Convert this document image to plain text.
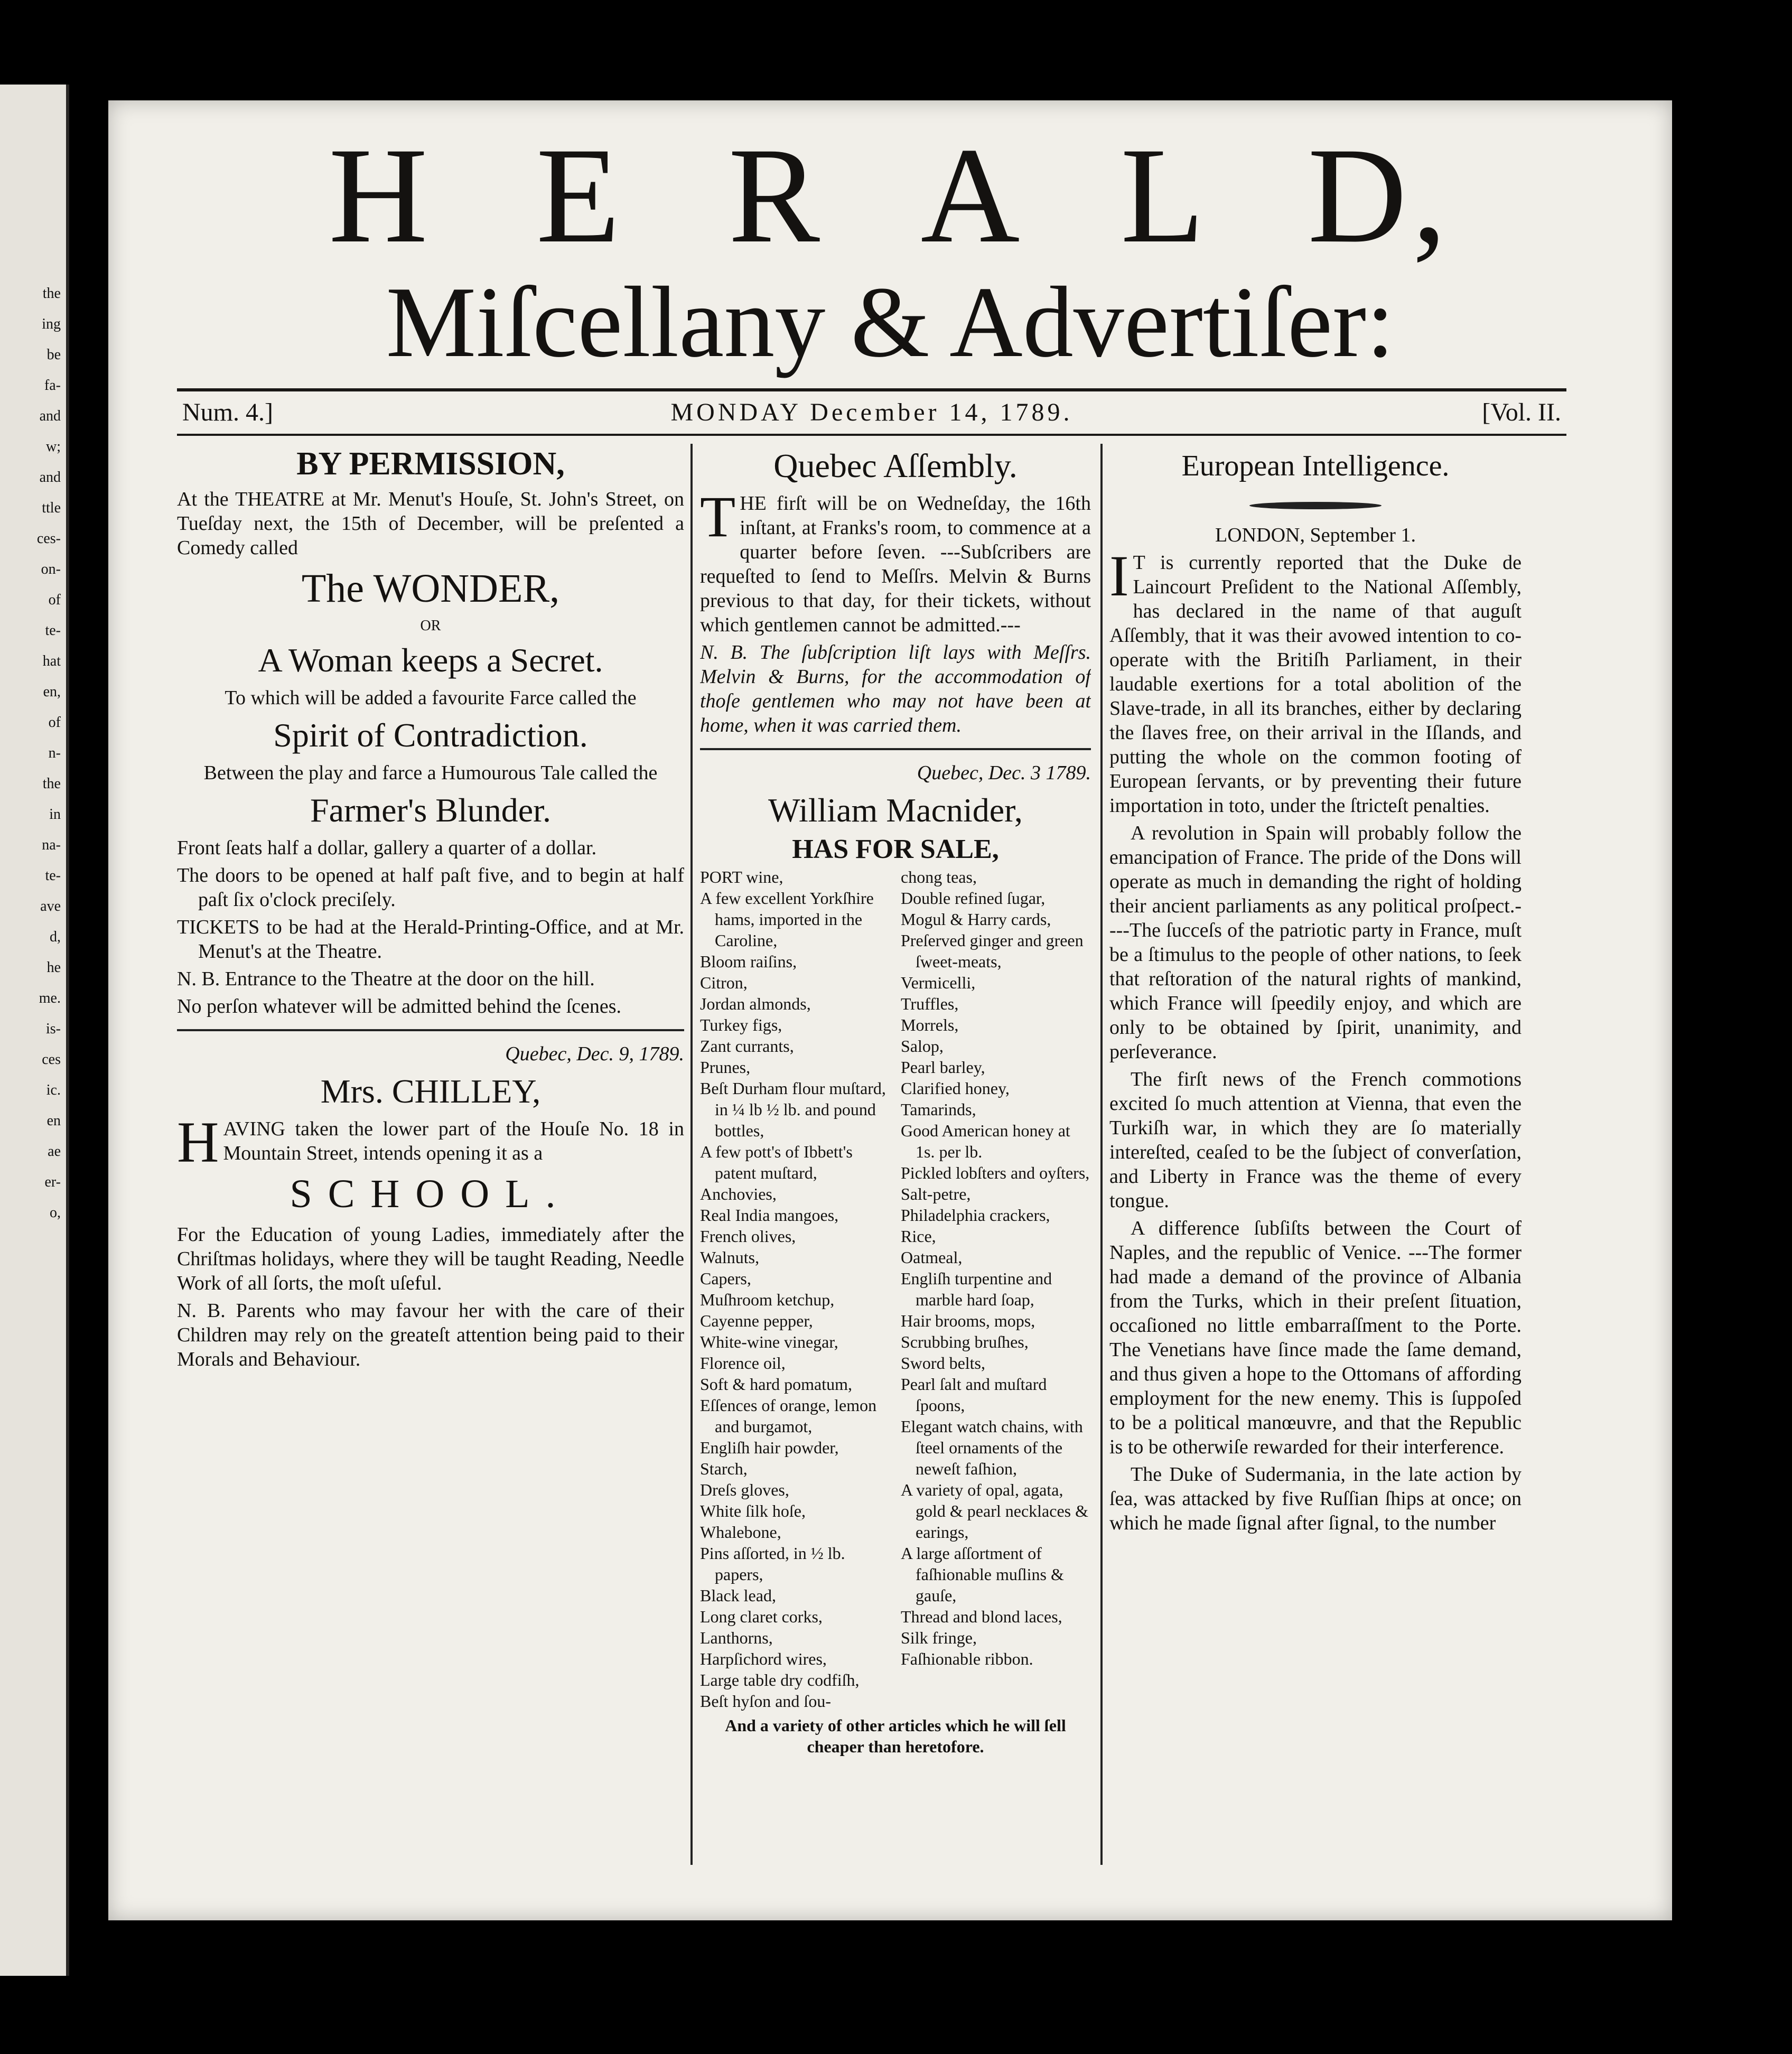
the
ing
be
fa-
and
w;
and
ttle
ces-
on-
of
te-
hat
en,
of
n-
the
in
na-
te-
ave
d,
he
me.
is-
ces
ic.
en
ae
er-
o,
H E R A L D,
Miſcellany & Advertiſer:
Num. 4.]	MONDAY December 14, 1789.	[Vol. II.
BY PERMISSION,

At the THEATRE at Mr. Menut's Houſe, St. John's Street, on Tueſday next, the 15th of December, will be preſented a Comedy called

The WONDER,
OR
A Woman keeps a Secret.

To which will be added a favourite Farce called the

Spirit of Contradiction.

Between the play and farce a Humourous Tale called the

Farmer's Blunder.

Front ſeats half a dollar, gallery a quarter of a dollar.

The doors to be opened at half paſt five, and to begin at half paſt ſix o'clock preciſely.

TICKETS to be had at the Herald-Printing-Office, and at Mr. Menut's at the Theatre.

N. B. Entrance to the Theatre at the door on the hill.

No perſon whatever will be admitted behind the ſcenes.

Quebec, Dec. 9, 1789.

Mrs. CHILLEY,

HAVING taken the lower part of the Houſe No. 18 in Mountain Street, intends opening it as a

SCHOOL.

For the Education of young Ladies, immediately after the Chriſtmas holidays, where they will be taught Reading, Needle Work of all ſorts, the moſt uſeful.

N. B. Parents who may favour her with the care of their Children may rely on the greateſt attention being paid to their Morals and Behaviour.

Quebec Aſſembly.

THE firſt will be on Wedneſday, the 16th inſtant, at Franks's room, to commence at a quarter before ſeven. ---Subſcribers are requeſted to ſend to Meſſrs. Melvin & Burns previous to that day, for their tickets, without which gentlemen cannot be admitted.---

N. B. The ſubſcription liſt lays with Meſſrs. Melvin & Burns, for the accommodation of thoſe gentlemen who may not have been at home, when it was carried them.

Quebec, Dec. 3 1789.

William Macnider,
HAS FOR SALE,
PORT wine,
A few excellent Yorkſhire hams, imported in the Caroline,
Bloom raiſins,
Citron,
Jordan almonds,
Turkey figs,
Zant currants,
Prunes,
Beſt Durham flour muſtard, in ¼ lb ½ lb. and pound bottles,
A few pott's of Ibbett's patent muſtard,
Anchovies,
Real India mangoes,
French olives,
Walnuts,
Capers,
Muſhroom ketchup,
Cayenne pepper,
White-wine vinegar,
Florence oil,
Soft & hard pomatum,
Eſſences of orange, lemon and burgamot,
Engliſh hair powder,
Starch,
Dreſs gloves,
White ſilk hoſe,
Whalebone,
Pins aſſorted, in ½ lb. papers,
Black lead,
Long claret corks,
Lanthorns,
Harpſichord wires,
Large table dry codfiſh,
Beſt hyſon and ſou-
chong teas,
Double refined ſugar,
Mogul & Harry cards,
Preſerved ginger and green ſweet-meats,
Vermicelli,
Truffles,
Morrels,
Salop,
Pearl barley,
Clarified honey,
Tamarinds,
Good American honey at 1s. per lb.
Pickled lobſters and oyſters,
Salt-petre,
Philadelphia crackers,
Rice,
Oatmeal,
Engliſh turpentine and marble hard ſoap,
Hair brooms, mops,
Scrubbing bruſhes,
Sword belts,
Pearl ſalt and muſtard ſpoons,
Elegant watch chains, with ſteel ornaments of the neweſt faſhion,
A variety of opal, agata, gold & pearl necklaces & earings,
A large aſſortment of faſhionable muſlins & gauſe,
Thread and blond laces,
Silk fringe,
Faſhionable ribbon.

And a variety of other articles which he will ſell cheaper than heretofore.

European Intelligence.

LONDON, September 1.

IT is currently reported that the Duke de Laincourt Preſident to the National Aſſembly, has declared in the name of that auguſt Aſſembly, that it was their avowed intention to co-operate with the Britiſh Parliament, in their laudable exertions for a total abolition of the Slave-trade, in all its branches, either by declaring the ſlaves free, on their arrival in the Iſlands, and putting the whole on the common footing of European ſervants, or by preventing their future importation in toto, under the ſtricteſt penalties.

A revolution in Spain will probably follow the emancipation of France. The pride of the Dons will operate as much in demanding the right of holding their ancient parliaments as any political proſpect.----The ſucceſs of the patriotic party in France, muſt be a ſtimulus to the people of other nations, to ſeek that reſtoration of the natural rights of mankind, which France will ſpeedily enjoy, and which are only to be obtained by ſpirit, unanimity, and perſeverance.

The firſt news of the French commotions excited ſo much attention at Vienna, that even the Turkiſh war, in which they are ſo materially intereſted, ceaſed to be the ſubject of converſation, and Liberty in France was the theme of every tongue.

A difference ſubſiſts between the Court of Naples, and the republic of Venice. ---The former had made a demand of the province of Albania from the Turks, which in their preſent ſituation, occaſioned no little embarraſſment to the Porte. The Venetians have ſince made the ſame demand, and thus given a hope to the Ottomans of affording employment for the new enemy. This is ſuppoſed to be a political manœuvre, and that the Republic is to be otherwiſe rewarded for their interference.

The Duke of Sudermania, in the late action by ſea, was attacked by five Ruſſian ſhips at once; on which he made ſignal after ſignal, to the number
